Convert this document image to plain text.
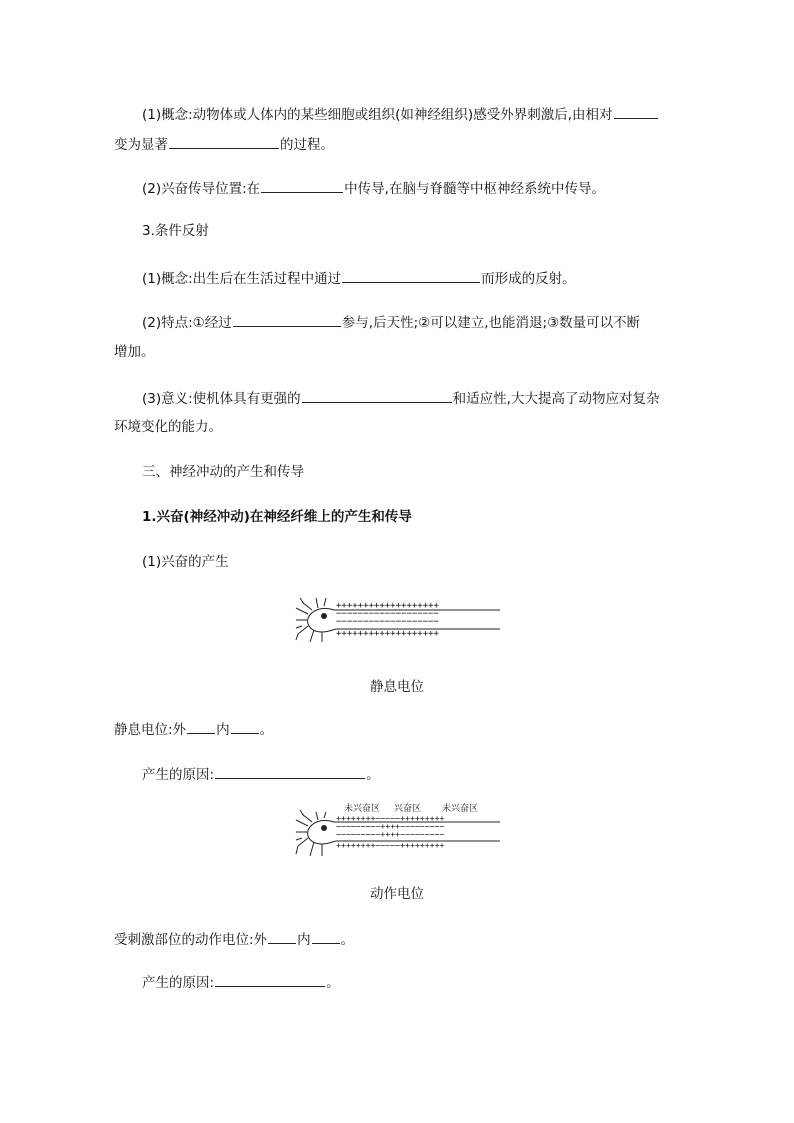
(1)概念:动物体或人体内的某些细胞或组织(如神经组织)感受外界刺激后,由相对
变为显著	的过程。
(2)兴奋传导位置:在	中传导,在脑与脊髓等中枢神经系统中传导。
3.条件反射
(1)概念:出生后在生活过程中通过	而形成的反射。
(2)特点:①经过	参与,后天性;②可以建立,也能消退;③数量可以不断
增加。
(3)意义:使机体具有更强的	和适应性,大大提高了动物应对复杂
环境变化的能力。
三、神经冲动的产生和传导
1.兴奋(神经冲动)在神经纤维上的产生和传导
(1)兴奋的产生
+++++++++++++++++++
−−−−−−−−−−−−−−−−−−−
−−−−−−−−−−−−−−−−−−−
+++++++++++++++++++
静息电位
静息电位:外 内 。
产生的原因:	。
未兴奋区 兴奋区 未兴奋区
++++++++−−−−−+++++++++
−−−−−−−−−++++−−−−−−−−−
−−−−−−−−−++++−−−−−−−−−
++++++++−−−−−+++++++++
动作电位
受刺激部位的动作电位:外 内 。
产生的原因:	。
